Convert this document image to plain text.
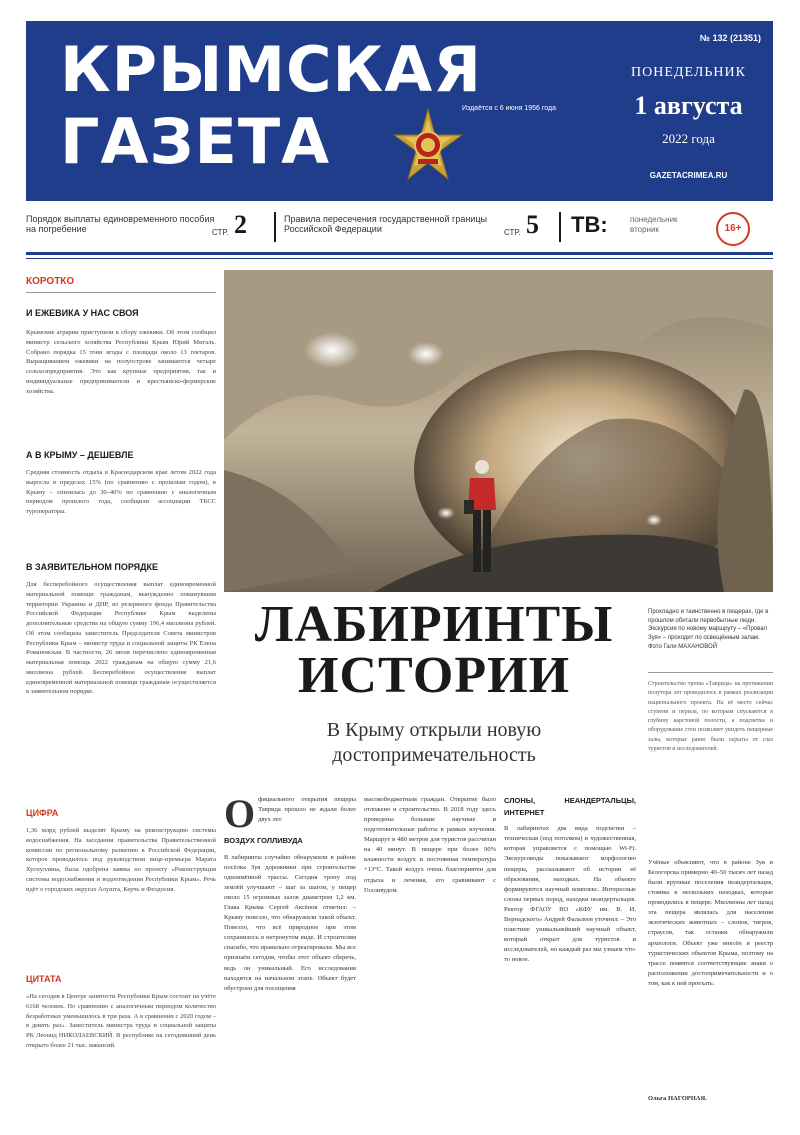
КРЫМСКАЯ
ГАЗЕТА	Издаётся с 6 июня 1956 года
№ 132 (21351)
ПОНЕДЕЛЬНИК
1 августа
2022 года
GAZETACRIMEA.RU
Порядок выплаты единовременного пособия на погребение	СТР. 2	Правила пересечения государственной границы Российской Федерации	СТР. 5 ТВ:	понедельник вторник	16+
КОРОТКО
И ЕЖЕВИКА У НАС СВОЯ
Крымские аграрии приступили к сбору ежевики. Об этом сообщил министр сельского хозяйства Республики Крым Юрий Мигаль. Собрано порядка 15 тонн ягоды с площади около 13 гектаров. Выращиванием ежевики на полуострове занимаются четыре сельхозпредприятия. Это как крупные предприятия, так и индивидуальные предприниматели и крестьянско-фермерские хозяйства.
А В КРЫМУ – ДЕШЕВЛЕ
Средняя стоимость отдыха в Краснодарском крае летом 2022 года выросла в пределах 15% (по сравнению с прошлым годом), в Крыму – снизилась до 30–40% по сравнению с аналогичным периодом прошлого года, сообщили ассоциации ТБСС туроператоры.
В ЗАЯВИТЕЛЬНОМ ПОРЯДКЕ
Для бесперебойного осуществления выплат единовременной материальной помощи гражданам, вынужденно покинувшим территории Украины и ДНР, из резервного фонда Правительства Российской Федерации Республике Крым выделены дополнительные средства на общую сумму 196,4 миллиона рублей. Об этом сообщила заместитель Председателя Совета министров Республики Крым – министр труда и социальной защиты РК Елена Романовская. В частности, 26 июля перечислено единовременная материальная помощь 2022 гражданам на общую сумму 21,6 миллиона рублей. Бесперебойное осуществление выплат единовременной материальной помощи гражданам осуществляется в заявительном порядке.
ЦИФРА
1,36 млрд рублей выделят Крыму на реконструкцию системы водоснабжения. На заседании правительства Правительственной комиссии по региональному развитию в Российской Федерации, которое проводилось под руководством вице-премьера Марата Хуснуллина, была одобрена заявка по проекту «Реконструкция системы водоснабжения и водоотведения Республики Крым». Речь идёт о городских округах Алушта, Керчь и Феодосия.
ЦИТАТА
«На сегодня в Центре занятости Республики Крым состоит на учёте 6168 человек. По сравнению с аналогичным периодом количество безработных уменьшилось в три раза. А в сравнении с 2020 годом – в девять раз». Заместитель министра труда и социальной защиты РК Леонид НИКОЛАЕВСКИЙ. В республике на сегодняшний день открыто более 21 тыс. вакансий.
ЛАБИРИНТЫ
ИСТОРИИ
В Крыму открыли новую
достопримечательность
Прохладно и таинственно в пещерах, где в прошлом обитали первобытные люди. Экскурсия по новому маршруту – «Провал Зуя» – проходит по освещённым залам. Фото Гали МАХАНОВОЙ
Строительство тропы «Таврида» на протяжении полутора лет проводилось в рамках реализации национального проекта. На её месте сейчас ступени и перила, по которым спускаются в глубину карстовой полости, а подсветка и оборудование стен позволяет увидеть пещерные залы, которые ранее были скрыты от глаз туристов и исследователей.
О фициального открытия пещеры Таврида прошло не ждали более двух лет.
ВОЗДУХ ГОЛЛИВУДА
В лабиринты случайно обнаружили в районе посёлка Зуя дорожники при строительстве одноимённой трассы. Сегодня тропу под землёй улучшают – шаг за шагом, у пещер около 15 огромных залов диаметром 1,2 км. Глава Крыма Сергей Аксёнов отметил: – Крыму повезло, что обнаружили такой объект. Повезло, что всё природное при этом сохранилось в нетронутом виде. И строителям спасибо, что правильно отреагировали. Мы все признаём сегодня, чтобы этот объект сберечь, ведь он уникальный. Его исследования находятся на начальном этапе. Объект будет обустроен для посещения
высокобюджетным граждан. Открытие было отложено и строительство. В 2018 году здесь проведены большие научные и подготовительные работы в рамках изучения. Маршрут в 480 метров для туристов рассчитан на 40 минут. В пещере при более 90% влажности воздух и постоянная температура +13°С. Такой воздух очень благоприятен для отдыха и лечения, его сравнивают с Голливудом.
СЛОНЫ, НЕАНДЕРТАЛЬЦЫ, ИНТЕРНЕТ
В лабиринтах два вида подсветки – техническая (под потолком) и художественная, которая управляется с помощью Wi-Fi. Экскурсоводы показывают морфологию пещеры, рассказывают об истории её образования, находках. На объекте формируются научный комплекс. Интересные слоны первых пород, находки неандертальцев. Ректор ФГАОУ ВО «КФУ им. В. И. Вернадского» Андрей Фалалеев уточнил: – Это поистине уникальнейший научный объект, который открыт для туристов и исследователей, но каждый раз мы узнаем что-то новое.
Учёные объясняют, что в районе Зуя и Белогорска примерно 40–50 тысяч лет назад были крупные поселения неандертальцев, стоянка в нескольких находках, которые проводились в пещере. Миллионы лет назад эта пещера являлась для населения экзотических животных – слонов, тигров, страусов, так останки обнаружили археологи. Объект уже внесён в реестр туристических объектов Крыма, поэтому на трассе появятся соответствующие знаки о расположении достопримечательности и о том, как к ней проехать.
Ольга НАГОРНАЯ.
